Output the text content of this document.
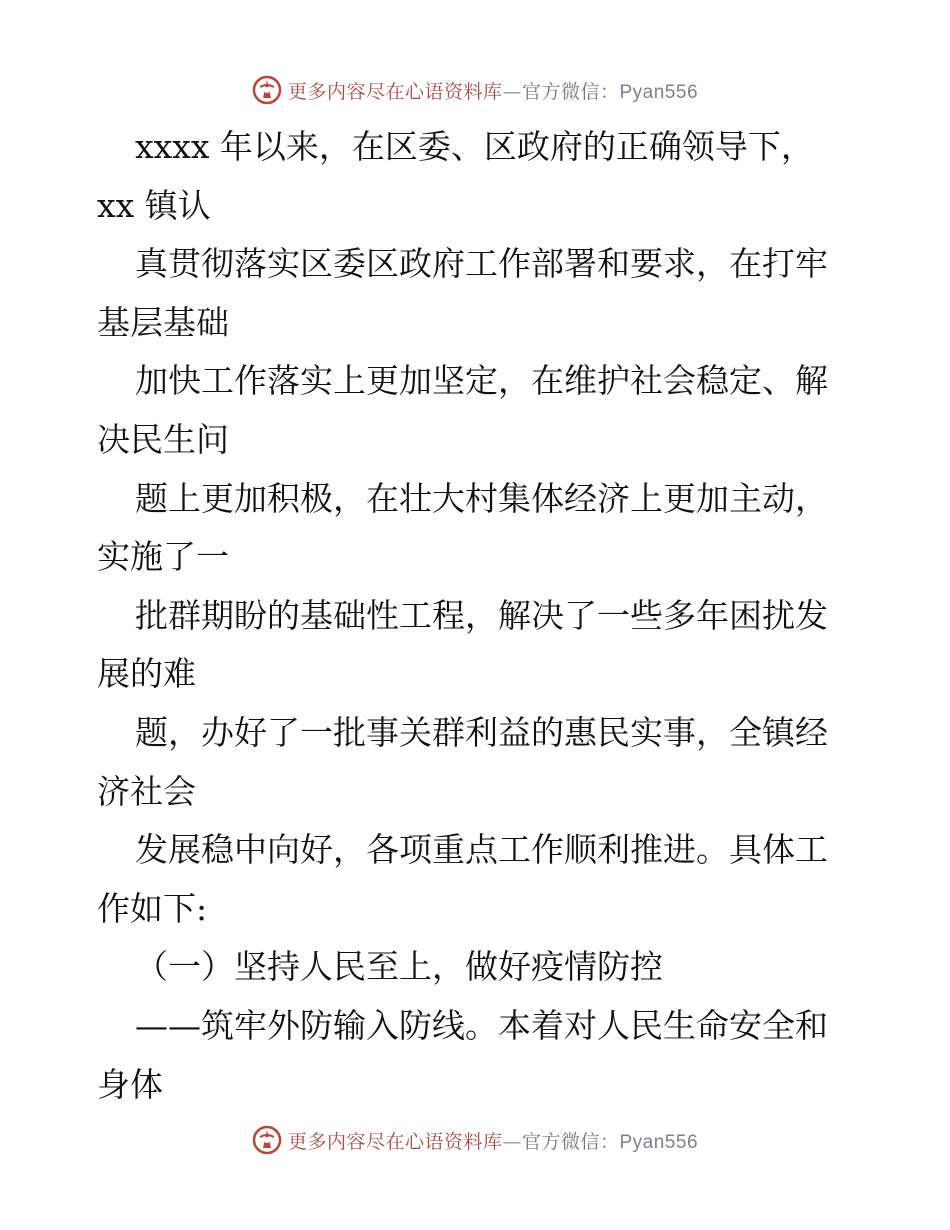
更多内容尽在心语资料库—官方微信：Pyan556
xxxx 年以来，在区委、区政府的正确领导下，
xx 镇认
真贯彻落实区委区政府工作部署和要求，在打牢
基层基础
加快工作落实上更加坚定，在维护社会稳定、解
决民生问
题上更加积极，在壮大村集体经济上更加主动，
实施了一
批群期盼的基础性工程，解决了一些多年困扰发
展的难
题，办好了一批事关群利益的惠民实事，全镇经
济社会
发展稳中向好，各项重点工作顺利推进。具体工
作如下:
（一）坚持人民至上，做好疫情防控
——筑牢外防输入防线。本着对人民生命安全和
身体
更多内容尽在心语资料库—官方微信：Pyan556
